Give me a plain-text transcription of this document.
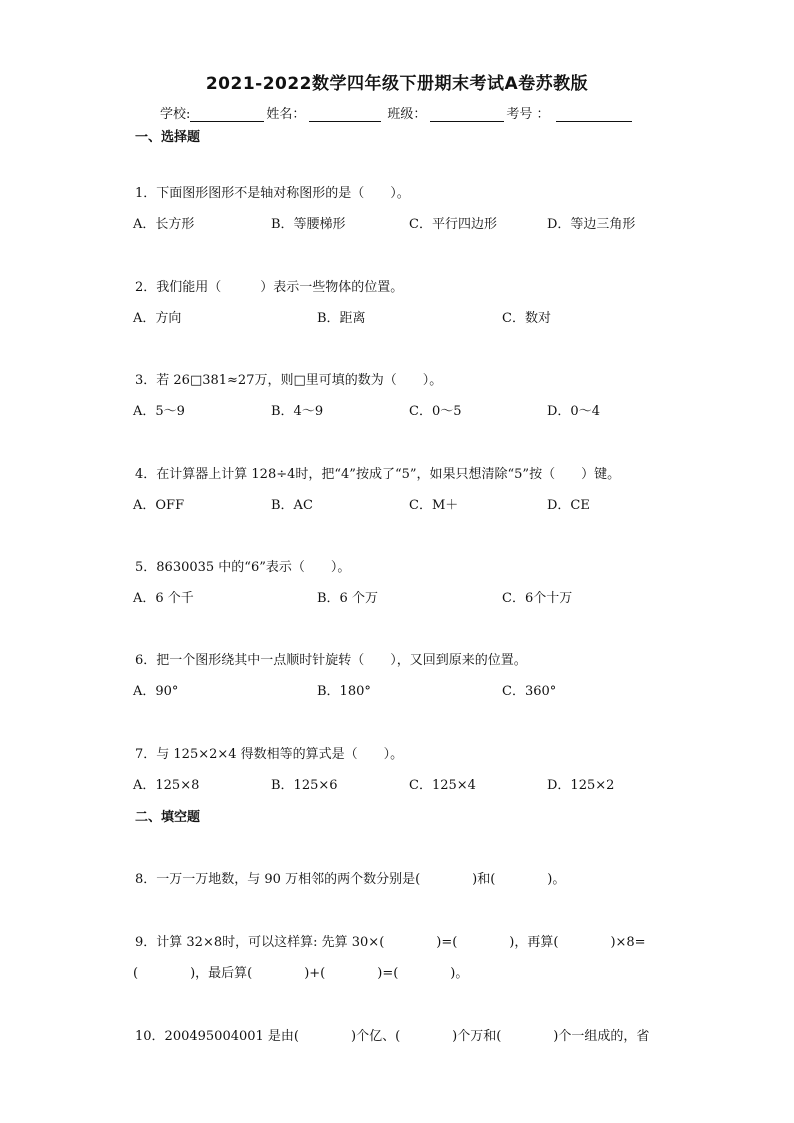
2021-2022数学四年级下册期末考试A卷苏教版
学校:	姓名：	班级：	考号 ：
一、选择题
1．下面图形图形不是轴对称图形的是（　　）。
A．长方形	B．等腰梯形	C．平行四边形	D．等边三角形
2．我们能用（　　　）表示一些物体的位置。
A．方向	B．距离	C．数对
3．若 26□381≈27万，则□里可填的数为（　　）。
A．5～9	B．4～9	C．0～5	D．0～4
4．在计算器上计算 128÷4时，把“4”按成了“5”，如果只想清除“5”按（　　）键。
A．OFF	B．AC	C．M＋	D．CE
5．8630035 中的“6”表示（　　）。
A．6 个千	B．6 个万	C．6个十万
6．把一个图形绕其中一点顺时针旋转（　　），又回到原来的位置。
A．90°	B．180°	C．360°
7．与 125×2×4 得数相等的算式是（　　）。
A．125×8	B．125×6	C．125×4	D．125×2
二、填空题
8．一万一万地数，与 90 万相邻的两个数分别是(　　　　)和(　　　　)。
9．计算 32×8时，可以这样算: 先算 30×(　　　　)=(　　　　)，再算(　　　　)×8=
(　　　　)，最后算(　　　　)+(　　　　)=(　　　　)。
10．200495004001 是由(　　　　)个亿、(　　　　)个万和(　　　　)个一组成的，省
